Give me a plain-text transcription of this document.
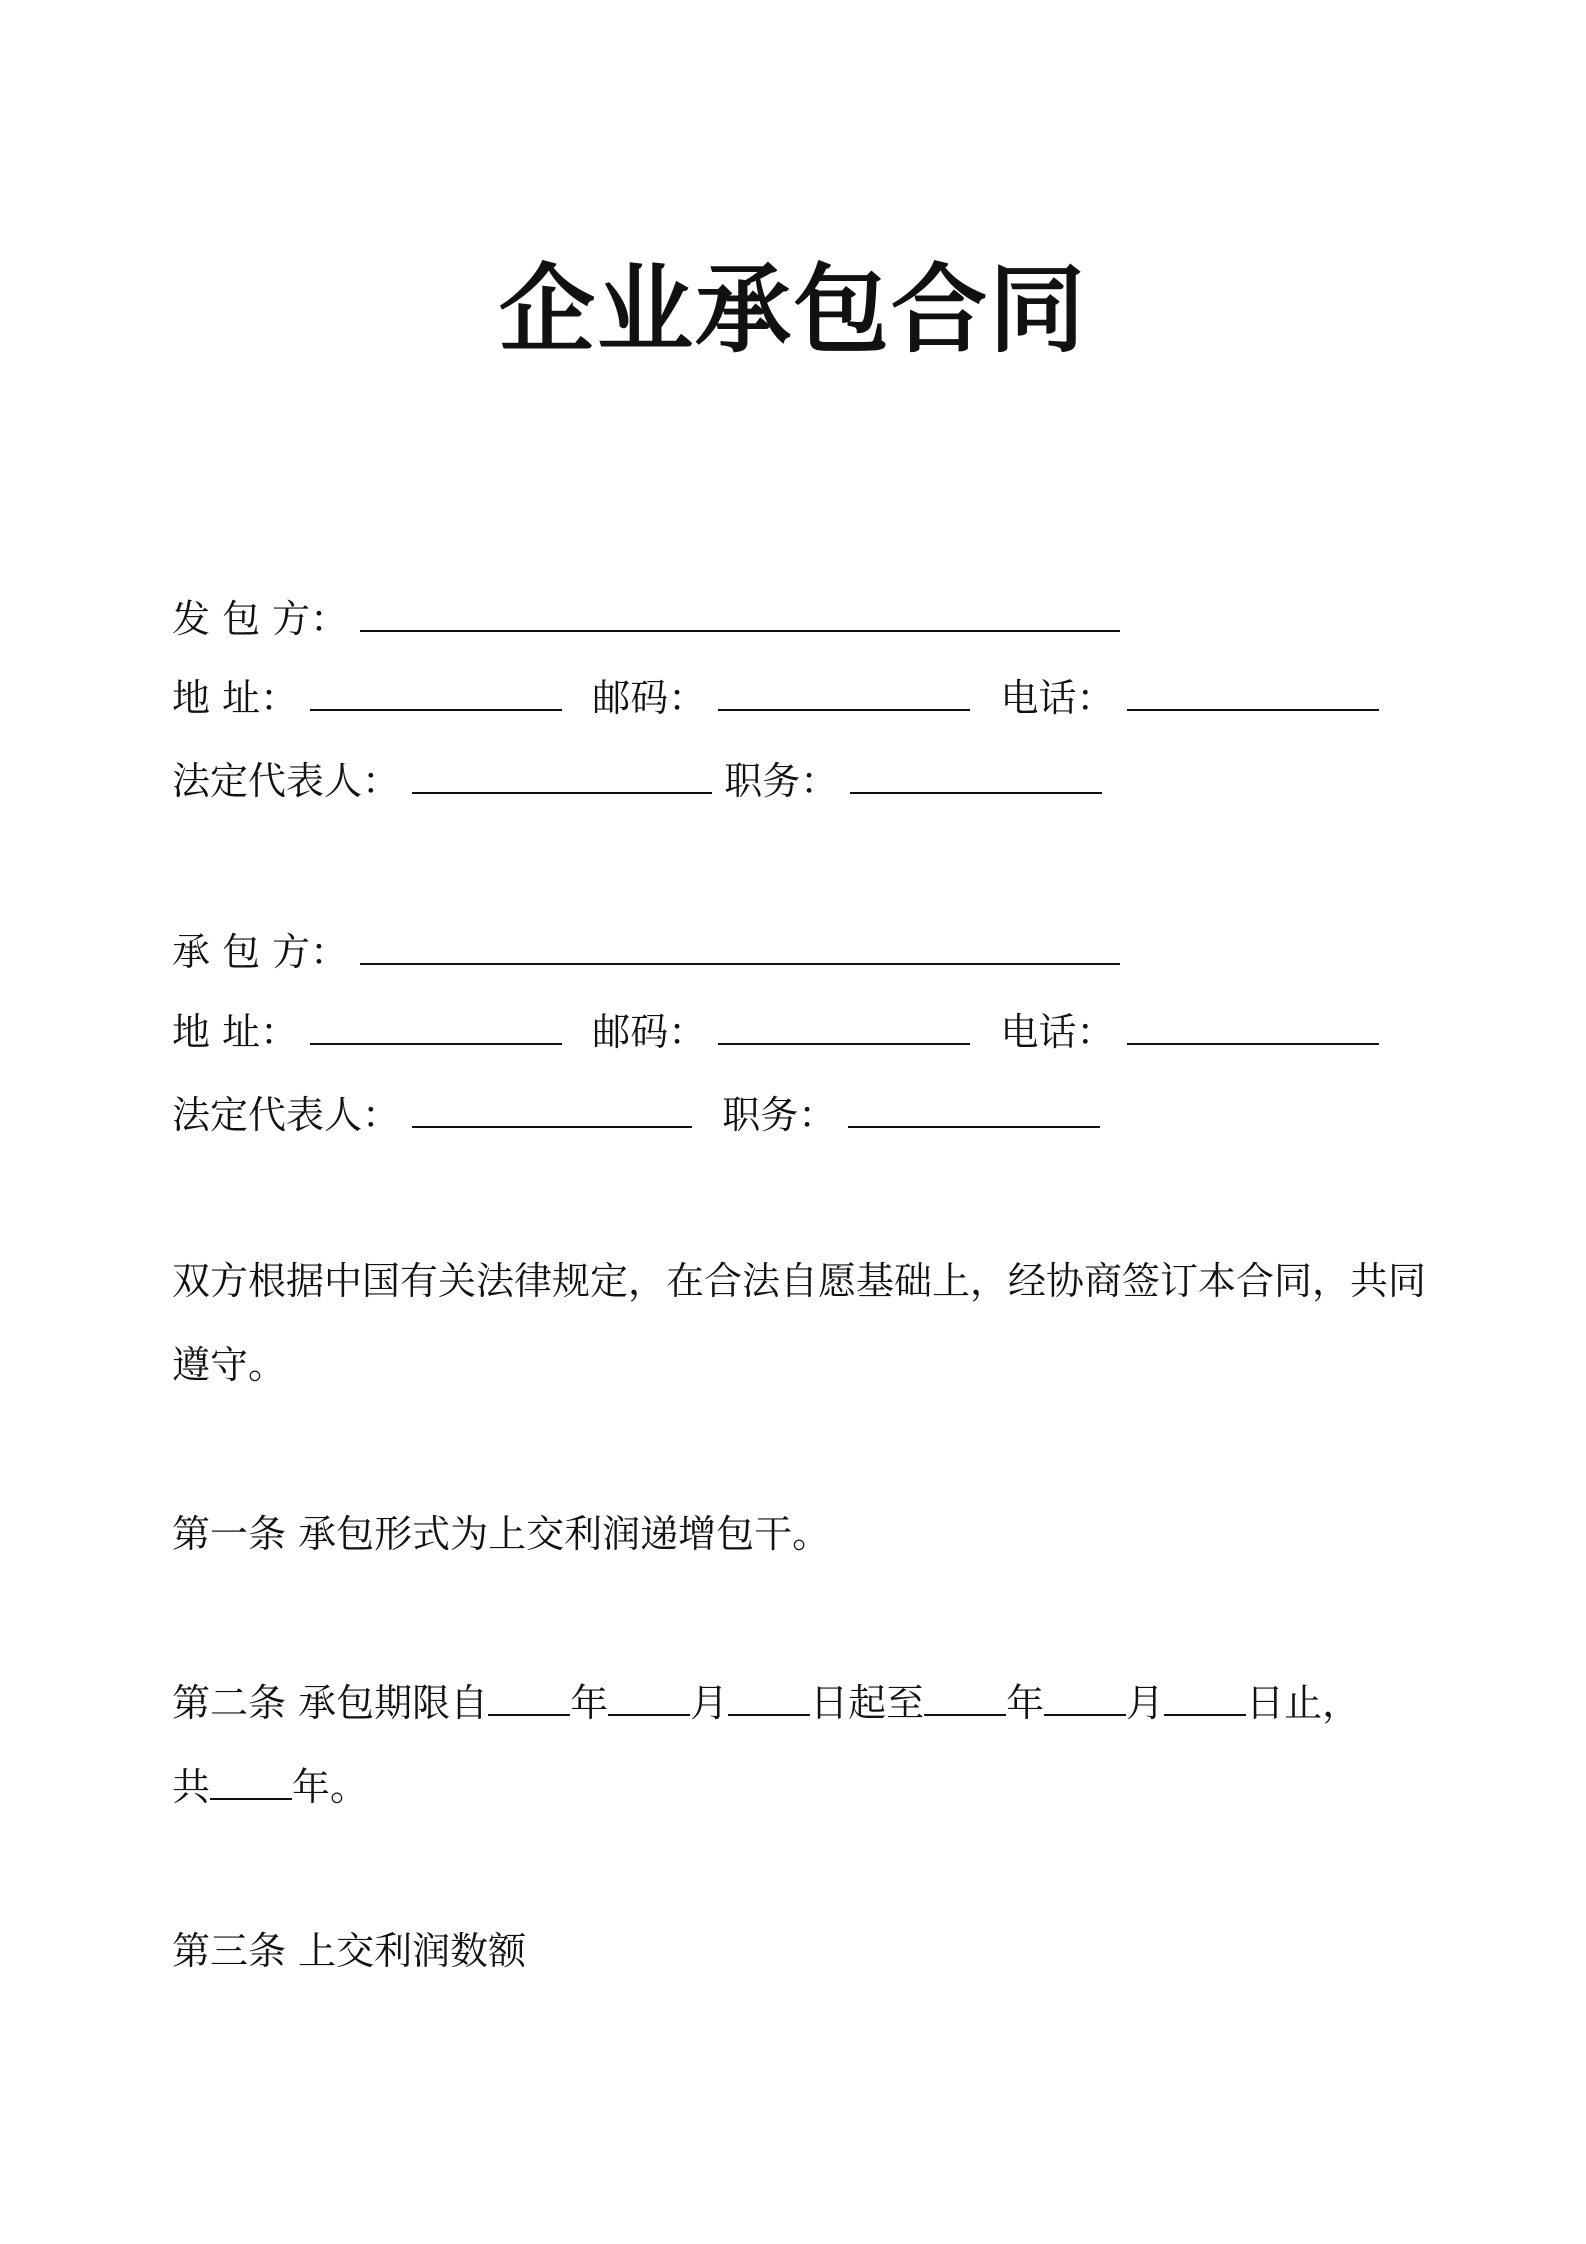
企业承包合同
发 包 方：
地 址：	邮码：	电话：
法定代表人：	职务：
承 包 方：
地 址：	邮码：	电话：
法定代表人：	职务：
双方根据中国有关法律规定，在合法自愿基础上，经协商签订本合同，共同
遵守。
第一条 承包形式为上交利润递增包干。
第二条 承包期限自 年 月 日起至 年 月 日止，
共 年。
第三条 上交利润数额
